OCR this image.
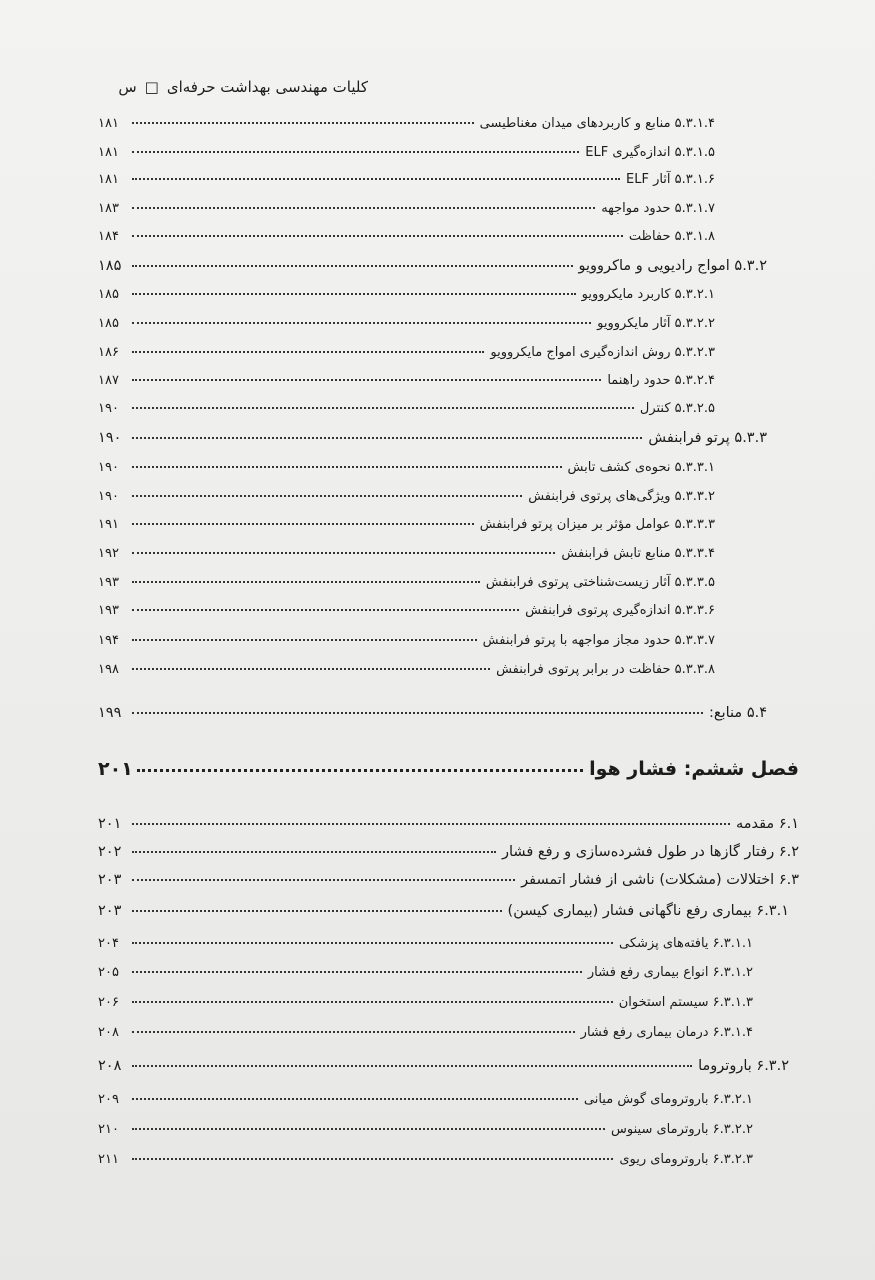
کلیات مهندسی بهداشت حرفه‌ای
□
س
۵.۳.۱.۴ منابع و کاربردهای میدان مغناطیسی
۱۸۱
۵.۳.۱.۵ اندازه‌گیری ELF
۱۸۱
۵.۳.۱.۶ آثار ELF
۱۸۱
۵.۳.۱.۷ حدود مواجهه
۱۸۳
۵.۳.۱.۸ حفاظت
۱۸۴
۵.۳.۲ امواج رادیویی و ماکروویو
۱۸۵
۵.۳.۲.۱ کاربرد مایکروویو
۱۸۵
۵.۳.۲.۲ آثار مایکروویو
۱۸۵
۵.۳.۲.۳ روش اندازه‌گیری امواج مایکروویو
۱۸۶
۵.۳.۲.۴ حدود راهنما
۱۸۷
۵.۳.۲.۵ کنترل
۱۹۰
۵.۳.۳ پرتو فرابنفش
۱۹۰
۵.۳.۳.۱ نحوه‌ی کشف تابش
۱۹۰
۵.۳.۳.۲ ویژگی‌های پرتوی فرابنفش
۱۹۰
۵.۳.۳.۳ عوامل مؤثر بر میزان پرتو فرابنفش
۱۹۱
۵.۳.۳.۴ منابع تابش فرابنفش
۱۹۲
۵.۳.۳.۵ آثار زیست‌شناختی پرتوی فرابنفش
۱۹۳
۵.۳.۳.۶ اندازه‌گیری پرتوی فرابنفش
۱۹۳
۵.۳.۳.۷ حدود مجاز مواجهه با پرتو فرابنفش
۱۹۴
۵.۳.۳.۸ حفاظت در برابر پرتوی فرابنفش
۱۹۸
۵.۴ منابع:
۱۹۹
فصل ششم: فشار هوا
۲۰۱
۶.۱ مقدمه
۲۰۱
۶.۲ رفتار گازها در طول فشرده‌سازی و رفع فشار
۲۰۲
۶.۳ اختلالات (مشکلات) ناشی از فشار اتمسفر
۲۰۳
۶.۳.۱ بیماری رفع ناگهانی فشار (بیماری کیسن)
۲۰۳
۶.۳.۱.۱ یافته‌های پزشکی
۲۰۴
۶.۳.۱.۲ انواع بیماری رفع فشار
۲۰۵
۶.۳.۱.۳ سیستم استخوان
۲۰۶
۶.۳.۱.۴ درمان بیماری رفع فشار
۲۰۸
۶.۳.۲ باروتروما
۲۰۸
۶.۳.۲.۱ باروترومای گوش میانی
۲۰۹
۶.۳.۲.۲ باروترمای سینوس
۲۱۰
۶.۳.۲.۳ باروترومای ریوی
۲۱۱
